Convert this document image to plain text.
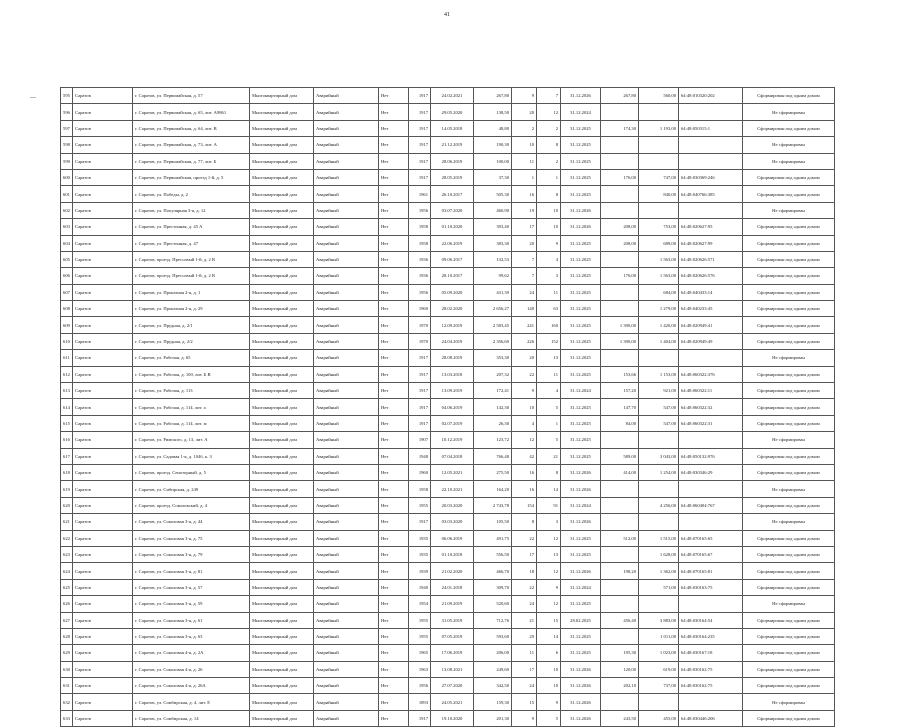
41
—	595	Саратов	г. Саратов, ул. Первомайская, д. 57	Многоквартирный дом	Аварийный	Нет	1917	24.02.2021	267,80	9	7	31.12.2026	267,80	560,00	64:48:010320:202	Сформирован под одним домом
596	Саратов	г. Саратов, ул. Первомайская, д. 65, лит. А9861	Многоквартирный дом	Аварийный	Нет	1917	29.05.2020	138,50	20	12	31.12.2024				Не сформирован
597	Саратов	г. Саратов, ул. Первомайская, д. 64, лит. В	Многоквартирный дом	Аварийный	Нет	1917	14.05.2018	48,80	2	2	31.12.2025	174,30	1 193,00	64:48:050315:1	Сформирован под одним домом
598	Саратов	г. Саратов, ул. Первомайская, д. 73, лит. А	Многоквартирный дом	Аварийный	Нет	1917	21.12.2019	190,30	10	8	31.12.2025				Не сформирован
599	Саратов	г. Саратов, ул. Первомайская, д. 77, лит. Б	Многоквартирный дом	Аварийный	Нет	1917	28.06.2019	100,00	11	2	31.12.2025				Не сформирован
600	Саратов	г. Саратов, ул. Первомайская, проезд 1-й, д. 5	Многоквартирный дом	Аварийный	Нет	1917	28.05.2019	37,30	1	1	31.12.2025	176,00	747,00	64:48:030369:246	Сформирован под одним домом
601	Саратов	г. Саратов, ул. Победы, д. 2	Многоквартирный дом	Аварийный	Нет	1961	26.10.2017	505,30	16	8	31.12.2025		840,00	64:48:040766:385	Сформирован под одним домом
602	Саратов	г. Саратов, ул. Популярная 3-я, д. 12	Многоквартирный дом	Аварийный	Нет	1956	03.07.2020	460,90	19	10	31.12.2026				Не сформирован
603	Саратов	г. Саратов, ул. Престонная, д. 45 А	Многоквартирный дом	Аварийный	Нет	1958	01.10.2020	393,40	17	10	31.12.2026	208,00	753,00	64:48:020627:95	Сформирован под одним домом
604	Саратов	г. Саратов, ул. Престонная, д. 47	Многоквартирный дом	Аварийный	Нет	1958	22.06.2019	383,30	20	9	31.12.2025	208,00	689,00	64:48:020627:99	Сформирован под одним домом
605	Саратов	г. Саратов, проезд. Прессовый 1-й, д. 2 В	Многоквартирный дом	Аварийный	Нет	1936	09.06.2017	132,53	7	4	31.12.2025		1 563,00	64:48:020626:571	Сформирован под одним домом
606	Саратов	г. Саратов, проезд. Прессовый 1-й, д. 2 В	Многоквартирный дом	Аварийный	Нет	1936	28.10.2017	99,62	7	3	31.12.2025	176,00	1 563,00	64:48:020626:576	Сформирован под одним домом
607	Саратов	г. Саратов, ул. Прокатная 2-я, д. 1	Многоквартирный дом	Аварийный	Нет	1956	05.09.2020	431,39	24	11	31.12.2025		684,00	64:48:040433:14	Сформирован под одним домом
608	Саратов	г. Саратов, ул. Прокатная 2-я, д. 29	Многоквартирный дом	Аварийный	Нет	1960	28.02.2020	2 656,27	140	63	31.12.2025		1 279,00	64:48:040233:45	Сформирован под одним домом
609	Саратов	г. Саратов, ул. Прудная, д. 2/1	Многоквартирный дом	Аварийный	Нет	1970	12.09.2019	2 583,45	241	160	31.12.2025	1 390,00	1 420,00	64:48:020949:41	Сформирован под одним домом
610	Саратов	г. Саратов, ул. Прудная, д. 2/2	Многоквартирный дом	Аварийный	Нет	1970	24.04.2019	2 356,60	226	152	31.12.2025	1 390,00	1 404,00	64:48:020949:49	Сформирован под одним домом
611	Саратов	г. Саратов, ул. Рабочая, д. 65	Многоквартирный дом	Аварийный	Нет	1917	28.08.2019	353,30	20	13	31.12.2025				Не сформирован
612	Саратов	г. Саратов, ул. Рабочая, д. 100, лит. Б В	Многоквартирный дом	Аварийный	Нет	1917	13.03.2018	207,32	22	11	31.12.2025	153,66	1 153,00	64:48:060322:376	Сформирован под одним домом
613	Саратов	г. Саратов, ул. Рабочая, д. 113	Многоквартирный дом	Аварийный	Нет	1917	13.09.2019	172,41	9	4	31.12.2024	157,20	921,00	64:48:060322:11	Сформирован под одним домом
614	Саратов	г. Саратов, ул. Рабочая, д. 114, лит. а	Многоквартирный дом	Аварийный	Нет	1917	04.06.2019	142,30	10	5	31.12.2025	147,70	547,00	64:48:060322:32	Сформирован под одним домом
615	Саратов	г. Саратов, ул. Рабочая, д. 114, лит. м	Многоквартирный дом	Аварийный	Нет	1917	02.07.2019	26,30	4	1	31.12.2025	84,00	547,00	64:48:060322:31	Сформирован под одним домом
616	Саратов	г. Саратов, ул. Римского, д. 13, лит. А	Многоквартирный дом	Аварийный	Нет	1907	10.12.2019	123,72	12	5	31.12.2025				Не сформирован
617	Саратов	г. Саратов, ул. Садовая 1-я, д. 104б, к. 3	Многоквартирный дом	Аварийный	Нет	1948	07.04.2018	766,48	42	21	31.12.2025	589,00	3 043,00	64:48:050132:976	Сформирован под одним домом
618	Саратов	г. Саратов, проезд. Сеноторный, д. 5	Многоквартирный дом	Аварийный	Нет	1960	12.05.2021	275,50	16	8	31.12.2026	414,00	1 254,00	64:48:030346:29	Сформирован под одним домом
619	Саратов	г. Саратов, ул. Сибирская, д. 249	Многоквартирный дом	Аварийный	Нет	1958	22.10.2021	164,20	16	14	31.12.2026				Не сформирован
620	Саратов	г. Саратов, проезд. Соколовский, д. 4	Многоквартирный дом	Аварийный	Нет	1955	20.03.2020	2 743,78	154	91	31.12.2024		4 256,00	64:48:060404:767	Сформирован под одним домом
621	Саратов	г. Саратов, ул. Соколовая 3-я, д. 44	Многоквартирный дом	Аварийный	Нет	1917	03.03.2020	105,50	8	3	31.12.2026				Не сформирован
622	Саратов	г. Саратов, ул. Соколовая 3-я, д. 75	Многоквартирный дом	Аварийный	Нет	1935	06.06.2019	491,75	22	12	31.12.2025	512,00	1 515,00	64:48:070165:65	Сформирован под одним домом
623	Саратов	г. Саратов, ул. Соколовая 3-я, д. 79	Многоквартирный дом	Аварийный	Нет	1935	01.10.2018	556,50	17	13	31.12.2025		1 628,00	64:48:070165:67	Сформирован под одним домом
624	Саратов	г. Саратов, ул. Соколовая 3-я, д. 81	Многоквартирный дом	Аварийный	Нет	1939	21.02.2020	466,70	18	12	31.12.2026	198,20	1 362,00	64:48:070165:81	Сформирован под одним домом
625	Саратов	г. Саратов, ул. Соколовая 3-я, д. 57	Многоквартирный дом	Аварийный	Нет	1940	24.01.2018	309,70	22	9	31.12.2024		571,00	64:48:030163:75	Сформирован под одним домом
626	Саратов	г. Саратов, ул. Соколовая 3-я, д. 59	Многоквартирный дом	Аварийный	Нет	1954	21.09.2019	520,60	24	12	31.12.2025				Не сформирован
627	Саратов	г. Саратов, ул. Соколовая 3-я, д. 61	Многоквартирный дом	Аварийный	Нет	1955	31.05.2019	712,76	21	15	28.02.2025	456,40	3 883,00	64:48:030164:54	Сформирован под одним домом
628	Саратов	г. Саратов, ул. Соколовая 3-я, д. 63	Многоквартирный дом	Аварийный	Нет	1955	07.05.2019	593,60	29	14	31.12.2025		1 011,00	64:48:030164:235	Сформирован под одним домом
629	Саратов	г. Саратов, ул. Соколовая 4-я, д. 2А	Многоквартирный дом	Аварийный	Нет	1965	17.06.2019	206,00	11	6	31.12.2025	195,30	1 023,00	64:48:030167:18	Сформирован под одним домом
630	Саратов	г. Саратов, ул. Соколовая 4-я, д. 26	Многоквартирный дом	Аварийный	Нет	1963	13.08.2021	249,60	17	10	31.12.2026	120,00	619,00	64:48:030162:75	Сформирован под одним домом
631	Саратов	г. Саратов, ул. Соколовая 4-я, д. 26А	Многоквартирный дом	Аварийный	Нет	1956	27.07.2020	342,50	24	10	31.12.2026	202,10	737,00	64:48:030162:75	Сформирован под одним домом
632	Саратов	г. Саратов, ул. Сомбирская, д. 4, лит. Е	Многоквартирный дом	Аварийный	Нет	1893	24.05.2021	159,30	15	9	31.12.2026				Не сформирован
633	Саратов	г. Саратов, ул. Сомбирская, д. 14	Многоквартирный дом	Аварийный	Нет	1917	19.10.2020	201,30	9	5	31.12.2026	243,50	455,00	64:48:030446:206	Сформирован под одним домом
